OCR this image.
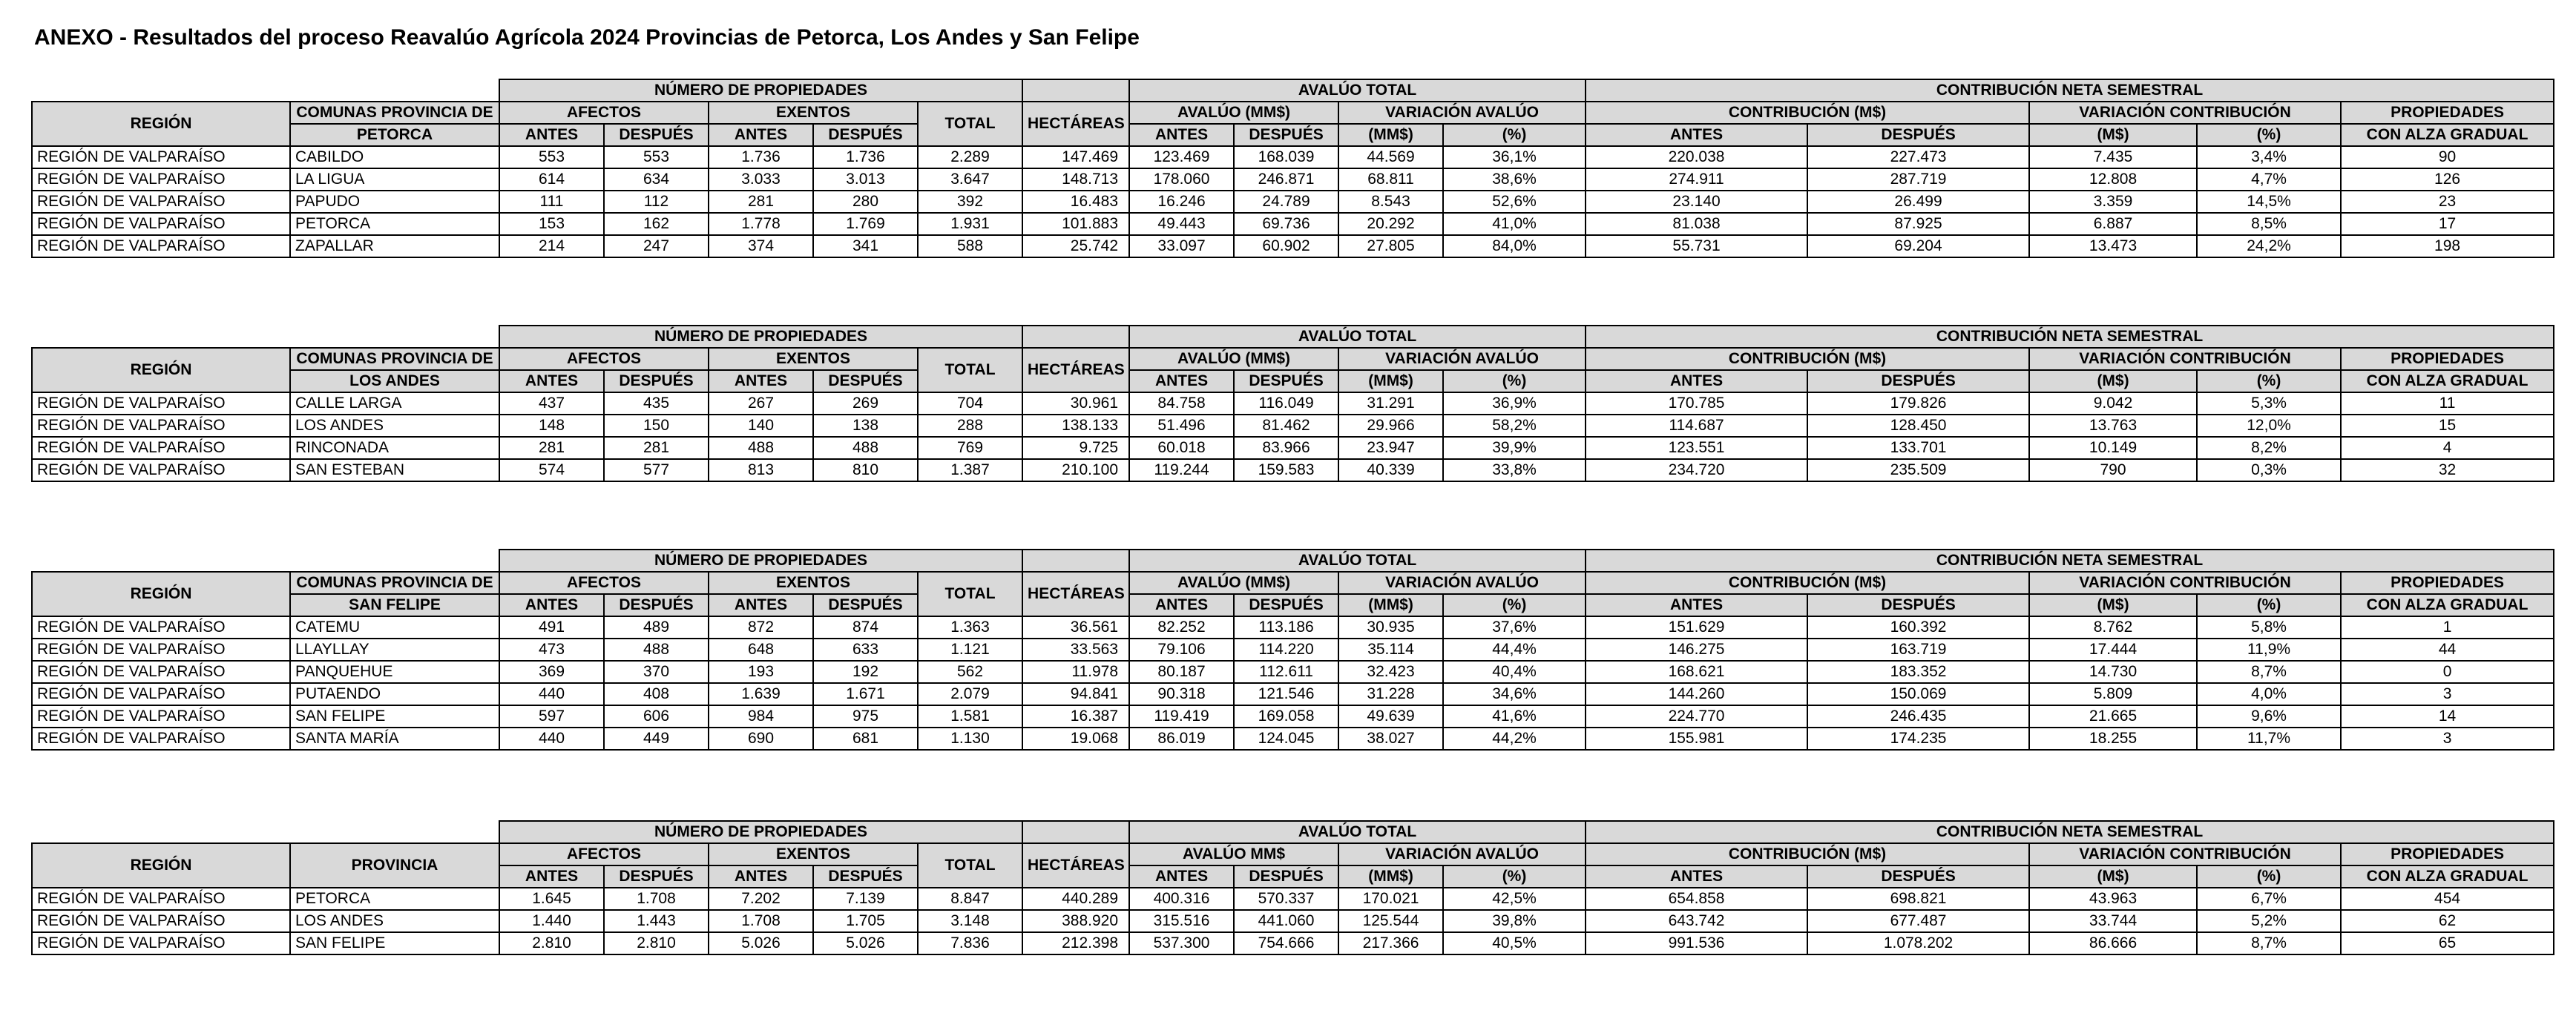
ANEXO - Resultados del proceso Reavalúo Agrícola 2024 Provincias de Petorca, Los Andes y San Felipe
		NÚMERO DE PROPIEDADES						AVALÚO TOTAL				CONTRIBUCIÓN NETA SEMESTRAL				
REGIÓN	COMUNAS PROVINCIA DE	AFECTOS		EXENTOS		TOTAL	HECTÁREAS	AVALÚO (MM$)		VARIACIÓN AVALÚO		CONTRIBUCIÓN (M$)		VARIACIÓN CONTRIBUCIÓN		PROPIEDADES
	PETORCA	ANTES	DESPUÉS	ANTES	DESPUÉS			ANTES	DESPUÉS	(MM$)	(%)	ANTES	DESPUÉS	(M$)	(%)	CON ALZA GRADUAL
REGIÓN DE VALPARAÍSO	CABILDO	553	553	1.736	1.736	2.289	147.469	123.469	168.039	44.569	36,1%	220.038	227.473	7.435	3,4%	90
REGIÓN DE VALPARAÍSO	LA LIGUA	614	634	3.033	3.013	3.647	148.713	178.060	246.871	68.811	38,6%	274.911	287.719	12.808	4,7%	126
REGIÓN DE VALPARAÍSO	PAPUDO	111	112	281	280	392	16.483	16.246	24.789	8.543	52,6%	23.140	26.499	3.359	14,5%	23
REGIÓN DE VALPARAÍSO	PETORCA	153	162	1.778	1.769	1.931	101.883	49.443	69.736	20.292	41,0%	81.038	87.925	6.887	8,5%	17
REGIÓN DE VALPARAÍSO	ZAPALLAR	214	247	374	341	588	25.742	33.097	60.902	27.805	84,0%	55.731	69.204	13.473	24,2%	198
		NÚMERO DE PROPIEDADES						AVALÚO TOTAL				CONTRIBUCIÓN NETA SEMESTRAL				
REGIÓN	COMUNAS PROVINCIA DE	AFECTOS		EXENTOS		TOTAL	HECTÁREAS	AVALÚO (MM$)		VARIACIÓN AVALÚO		CONTRIBUCIÓN (M$)		VARIACIÓN CONTRIBUCIÓN		PROPIEDADES
	LOS ANDES	ANTES	DESPUÉS	ANTES	DESPUÉS			ANTES	DESPUÉS	(MM$)	(%)	ANTES	DESPUÉS	(M$)	(%)	CON ALZA GRADUAL
REGIÓN DE VALPARAÍSO	CALLE LARGA	437	435	267	269	704	30.961	84.758	116.049	31.291	36,9%	170.785	179.826	9.042	5,3%	11
REGIÓN DE VALPARAÍSO	LOS ANDES	148	150	140	138	288	138.133	51.496	81.462	29.966	58,2%	114.687	128.450	13.763	12,0%	15
REGIÓN DE VALPARAÍSO	RINCONADA	281	281	488	488	769	9.725	60.018	83.966	23.947	39,9%	123.551	133.701	10.149	8,2%	4
REGIÓN DE VALPARAÍSO	SAN ESTEBAN	574	577	813	810	1.387	210.100	119.244	159.583	40.339	33,8%	234.720	235.509	790	0,3%	32
		NÚMERO DE PROPIEDADES						AVALÚO TOTAL				CONTRIBUCIÓN NETA SEMESTRAL				
REGIÓN	COMUNAS PROVINCIA DE	AFECTOS		EXENTOS		TOTAL	HECTÁREAS	AVALÚO (MM$)		VARIACIÓN AVALÚO		CONTRIBUCIÓN (M$)		VARIACIÓN CONTRIBUCIÓN		PROPIEDADES
	SAN FELIPE	ANTES	DESPUÉS	ANTES	DESPUÉS			ANTES	DESPUÉS	(MM$)	(%)	ANTES	DESPUÉS	(M$)	(%)	CON ALZA GRADUAL
REGIÓN DE VALPARAÍSO	CATEMU	491	489	872	874	1.363	36.561	82.252	113.186	30.935	37,6%	151.629	160.392	8.762	5,8%	1
REGIÓN DE VALPARAÍSO	LLAYLLAY	473	488	648	633	1.121	33.563	79.106	114.220	35.114	44,4%	146.275	163.719	17.444	11,9%	44
REGIÓN DE VALPARAÍSO	PANQUEHUE	369	370	193	192	562	11.978	80.187	112.611	32.423	40,4%	168.621	183.352	14.730	8,7%	0
REGIÓN DE VALPARAÍSO	PUTAENDO	440	408	1.639	1.671	2.079	94.841	90.318	121.546	31.228	34,6%	144.260	150.069	5.809	4,0%	3
REGIÓN DE VALPARAÍSO	SAN FELIPE	597	606	984	975	1.581	16.387	119.419	169.058	49.639	41,6%	224.770	246.435	21.665	9,6%	14
REGIÓN DE VALPARAÍSO	SANTA MARÍA	440	449	690	681	1.130	19.068	86.019	124.045	38.027	44,2%	155.981	174.235	18.255	11,7%	3
		NÚMERO DE PROPIEDADES						AVALÚO TOTAL				CONTRIBUCIÓN NETA SEMESTRAL				
REGIÓN	PROVINCIA	AFECTOS		EXENTOS		TOTAL	HECTÁREAS	AVALÚO MM$		VARIACIÓN AVALÚO		CONTRIBUCIÓN (M$)		VARIACIÓN CONTRIBUCIÓN		PROPIEDADES
		ANTES	DESPUÉS	ANTES	DESPUÉS			ANTES	DESPUÉS	(MM$)	(%)	ANTES	DESPUÉS	(M$)	(%)	CON ALZA GRADUAL
REGIÓN DE VALPARAÍSO	PETORCA	1.645	1.708	7.202	7.139	8.847	440.289	400.316	570.337	170.021	42,5%	654.858	698.821	43.963	6,7%	454
REGIÓN DE VALPARAÍSO	LOS ANDES	1.440	1.443	1.708	1.705	3.148	388.920	315.516	441.060	125.544	39,8%	643.742	677.487	33.744	5,2%	62
REGIÓN DE VALPARAÍSO	SAN FELIPE	2.810	2.810	5.026	5.026	7.836	212.398	537.300	754.666	217.366	40,5%	991.536	1.078.202	86.666	8,7%	65
